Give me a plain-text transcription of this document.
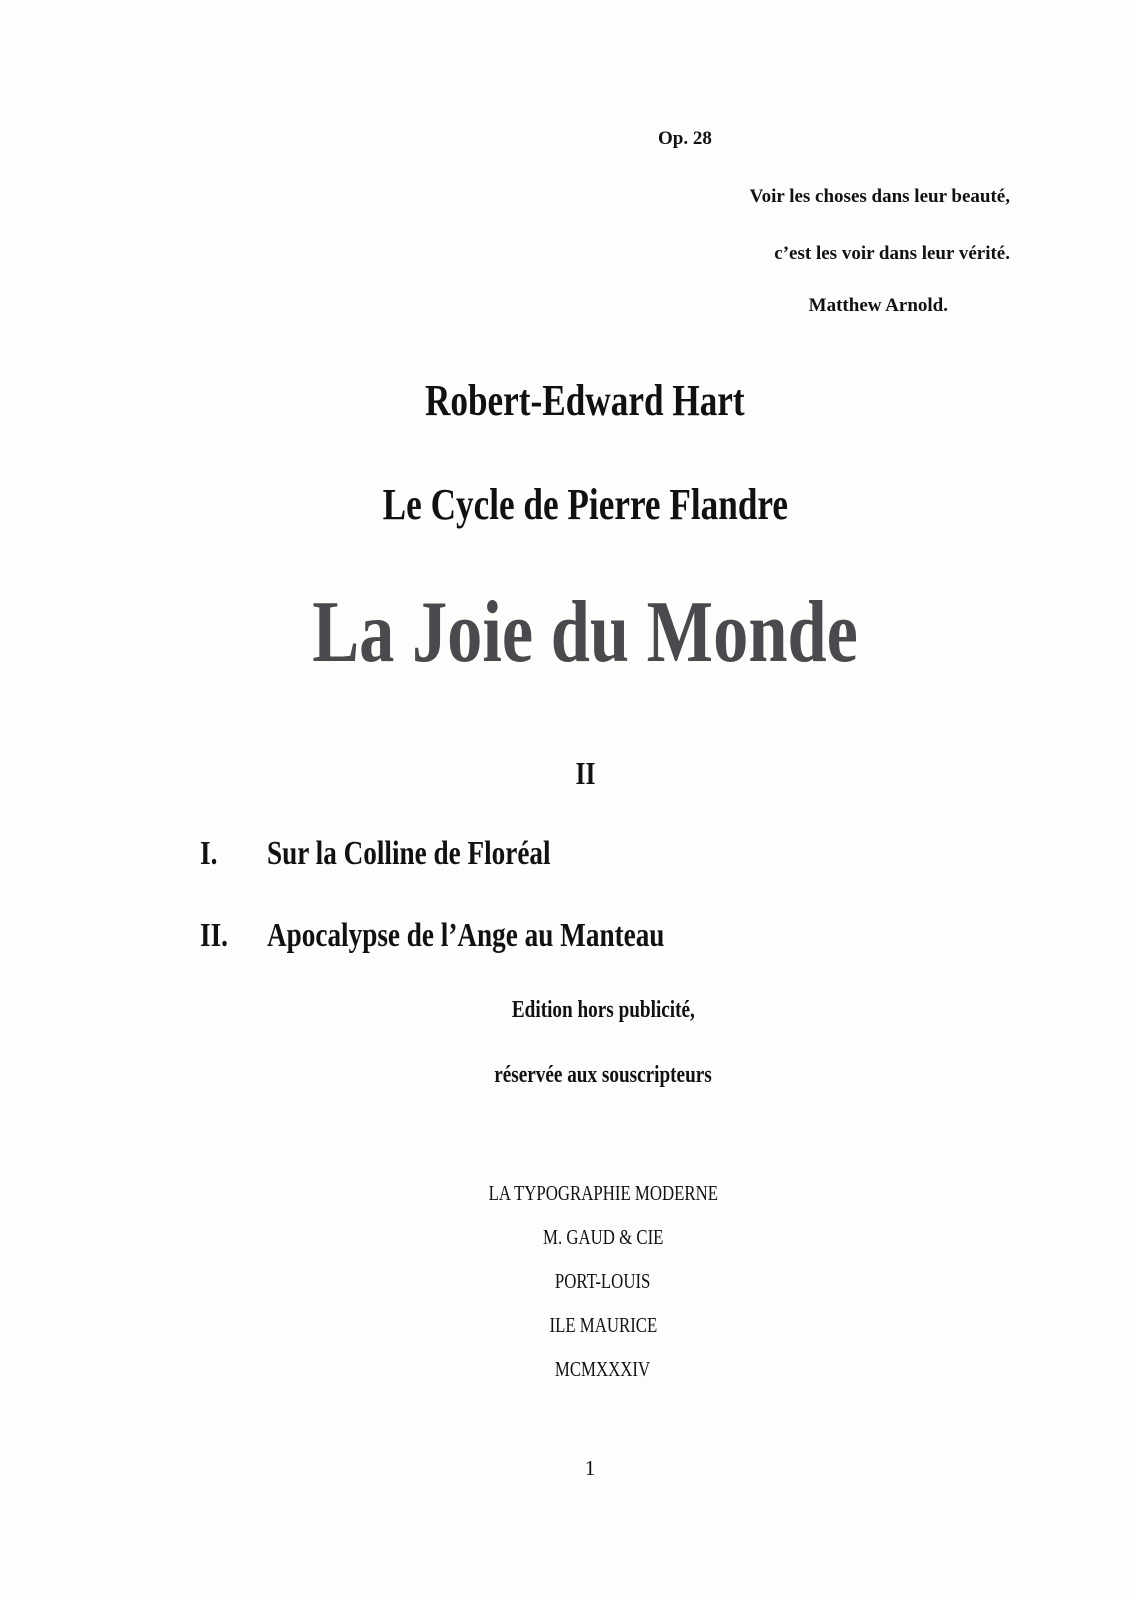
Op. 28
Voir les choses dans leur beauté,
c’est les voir dans leur vérité.
Matthew Arnold.
Robert-Edward Hart
Le Cycle de Pierre Flandre
La Joie du Monde
II
I. Sur la Colline de Floréal
II. Apocalypse de l’Ange au Manteau
Edition hors publicité,
réservée aux souscripteurs
LA TYPOGRAPHIE MODERNE
M. GAUD & CIE
PORT-LOUIS
ILE MAURICE
MCMXXXIV
1
